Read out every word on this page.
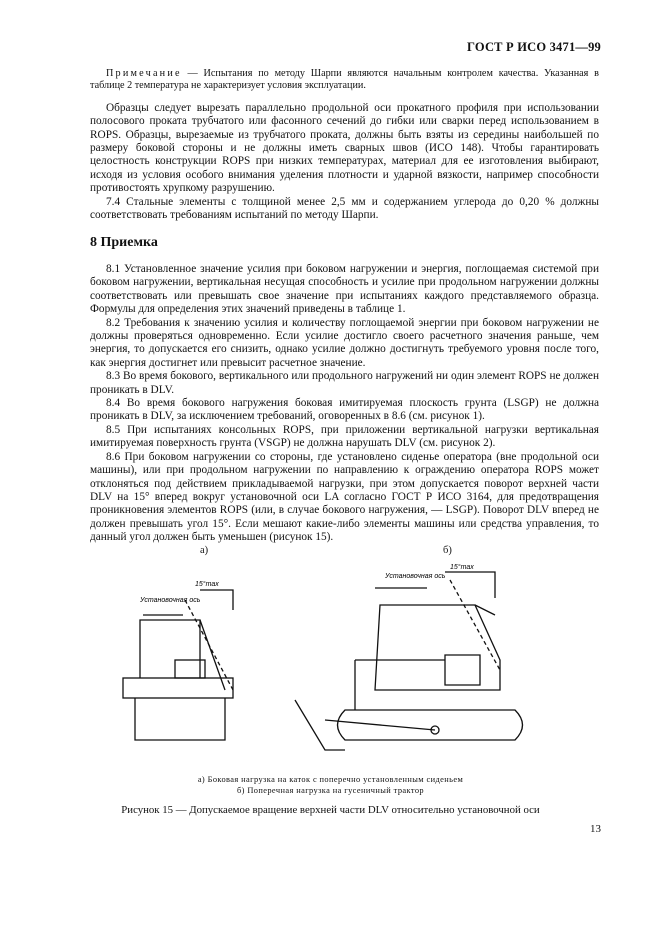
ГОСТ Р ИСО 3471—99

Примечание — Испытания по методу Шарпи являются начальным контролем качества. Указанная в таблице 2 температура не характеризует условия эксплуатации.

Образцы следует вырезать параллельно продольной оси прокатного профиля при использовании полосового проката трубчатого или фасонного сечений до гибки или сварки перед использованием в ROPS. Образцы, вырезаемые из трубчатого проката, должны быть взяты из середины наибольшей по размеру боковой стороны и не должны иметь сварных швов (ИСО 148). Чтобы гарантировать целостность конструкции ROPS при низких температурах, материал для ее изготовления выбирают, исходя из условия особого внимания уделения плотности и ударной вязкости, например способности противостоять хрупкому разрушению.

7.4 Стальные элементы с толщиной менее 2,5 мм и содержанием углерода до 0,20 % должны соответствовать требованиям испытаний по методу Шарпи.

8 Приемка

8.1 Установленное значение усилия при боковом нагружении и энергия, поглощаемая системой при боковом нагружении, вертикальная несущая способность и усилие при продольном нагружении должны соответствовать или превышать свое значение при испытаниях каждого представляемого образца. Формулы для определения этих значений приведены в таблице 1.

8.2 Требования к значению усилия и количеству поглощаемой энергии при боковом нагружении не должны проверяться одновременно. Если усилие достигло своего расчетного значения раньше, чем энергия, то допускается его снизить, однако усилие должно достигнуть требуемого уровня после того, как энергия достигнет или превысит расчетное значение.

8.3 Во время бокового, вертикального или продольного нагружений ни один элемент ROPS не должен проникать в DLV.

8.4 Во время бокового нагружения боковая имитируемая плоскость грунта (LSGP) не должна проникать в DLV, за исключением требований, оговоренных в 8.6 (см. рисунок 1).

8.5 При испытаниях консольных ROPS, при приложении вертикальной нагрузки вертикальная имитируемая поверхность грунта (VSGP) не должна нарушать DLV (см. рисунок 2).

8.6 При боковом нагружении со стороны, где установлено сиденье оператора (вне продольной оси машины), или при продольном нагружении по направлению к ограждению оператора ROPS может отклоняться под действием прикладываемой нагрузки, при этом допускается поворот верхней части DLV на 15° вперед вокруг установочной оси LA согласно ГОСТ Р ИСО 3164, для предотвращения проникновения элементов ROPS (или, в случае бокового нагружения, — LSGP). Поворот DLV вперед не должен превышать угол 15°. Если мешают какие-либо элементы машины или средства управления, то данный угол должен быть уменьшен (рисунок 15).

а)	б)
Установочная ось
15°max
Установочная ось
15°max
а) Боковая нагрузка на каток с поперечно установленным сиденьем
б) Поперечная нагрузка на гусеничный трактор
Рисунок 15 — Допускаемое вращение верхней части DLV относительно установочной оси
13
